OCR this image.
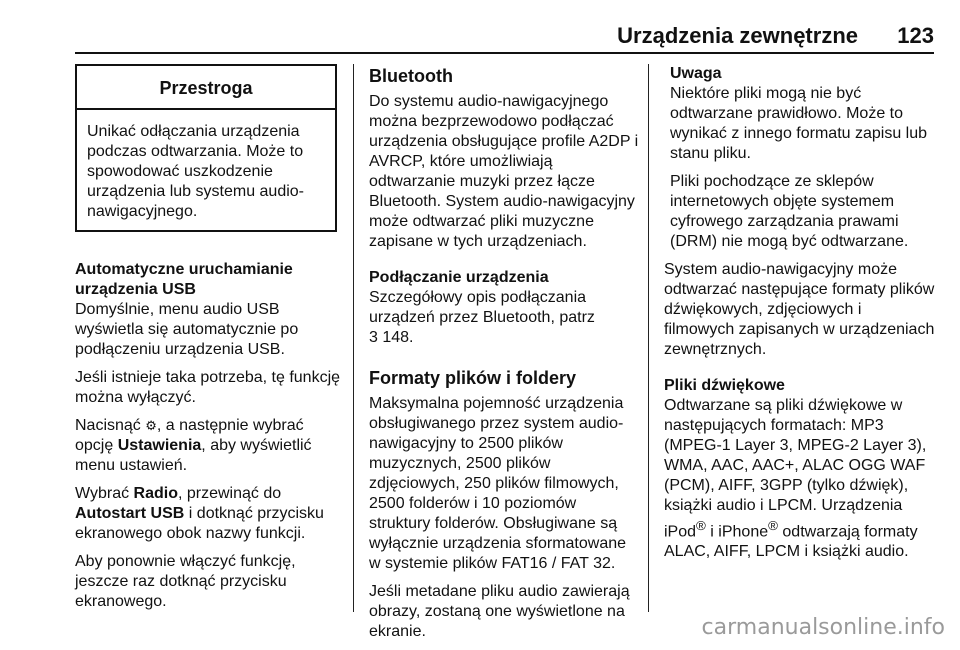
Urządzenia zewnętrzne	123
Przestroga
Unikać odłączania urządzenia podczas odtwarzania. Może to spowodować uszkodzenie urządzenia lub systemu audio-nawigacyjnego.

Automatyczne uruchamianie urządzenia USB

Domyślnie, menu audio USB wyświetla się automatycznie po podłączeniu urządzenia USB.

Jeśli istnieje taka potrzeba, tę funkcję można wyłączyć.

Nacisnąć ⚙, a następnie wybrać opcję Ustawienia, aby wyświetlić menu ustawień.

Wybrać Radio, przewinąć do Autostart USB i dotknąć przycisku ekranowego obok nazwy funkcji.

Aby ponownie włączyć funkcję, jeszcze raz dotknąć przycisku ekranowego.

Bluetooth

Do systemu audio-nawigacyjnego można bezprzewodowo podłączać urządzenia obsługujące profile A2DP i AVRCP, które umożliwiają odtwarzanie muzyki przez łącze Bluetooth. System audio-nawigacyjny może odtwarzać pliki muzyczne zapisane w tych urządzeniach.

Podłączanie urządzenia

Szczegółowy opis podłączania urządzeń przez Bluetooth, patrz
3 148.

Formaty plików i foldery

Maksymalna pojemność urządzenia obsługiwanego przez system audio-nawigacyjny to 2500 plików muzycznych, 2500 plików zdjęciowych, 250 plików filmowych, 2500 folderów i 10 poziomów struktury folderów. Obsługiwane są wyłącznie urządzenia sformatowane w systemie plików FAT16 / FAT 32.

Jeśli metadane pliku audio zawierają obrazy, zostaną one wyświetlone na ekranie.

Uwaga

Niektóre pliki mogą nie być odtwarzane prawidłowo. Może to wynikać z innego formatu zapisu lub stanu pliku.

Pliki pochodzące ze sklepów internetowych objęte systemem cyfrowego zarządzania prawami (DRM) nie mogą być odtwarzane.

System audio-nawigacyjny może odtwarzać następujące formaty plików dźwiękowych, zdjęciowych i filmowych zapisanych w urządzeniach zewnętrznych.

Pliki dźwiękowe

Odtwarzane są pliki dźwiękowe w następujących formatach: MP3 (MPEG-1 Layer 3, MPEG-2 Layer 3), WMA, AAC, AAC+, ALAC OGG WAF (PCM), AIFF, 3GPP (tylko dźwięk), książki audio i LPCM. Urządzenia iPod® i iPhone® odtwarzają formaty ALAC, AIFF, LPCM i książki audio.

carmanualsonline.info
